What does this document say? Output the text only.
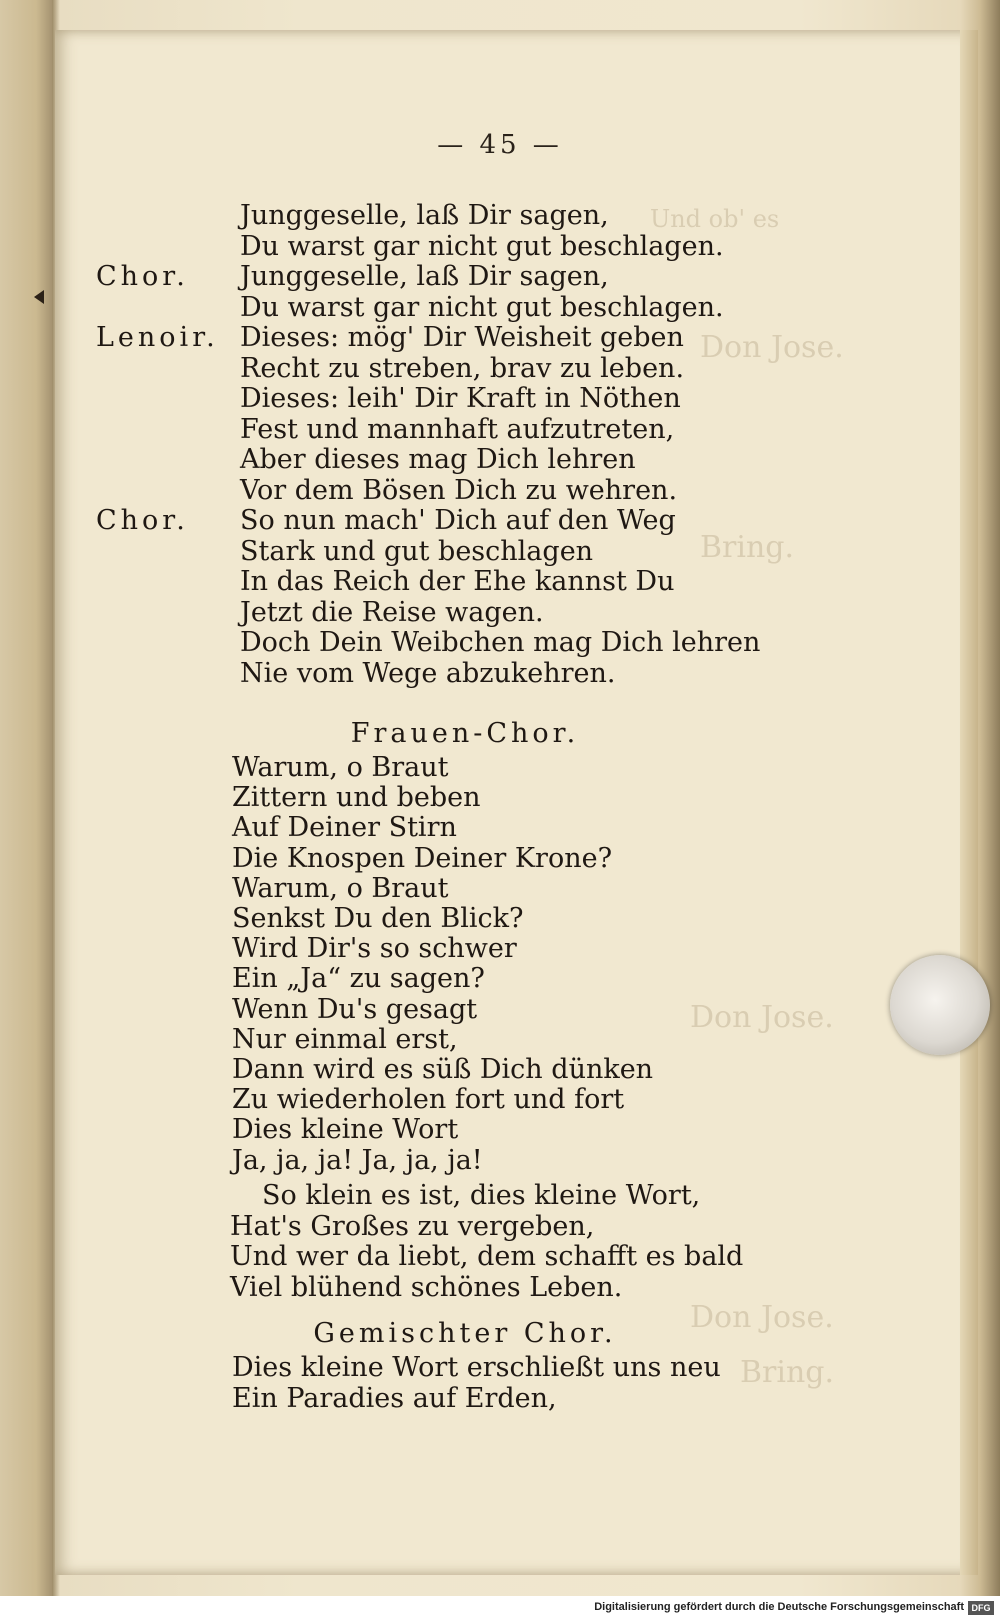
Und ob' es
Don Jose.
Bring.
Don Jose.
Don Jose.
Bring.
— 45 —
Junggeselle, laß Dir sagen,
Du warst gar nicht gut beschlagen.
Junggeselle, laß Dir sagen,
Chor.
Du warst gar nicht gut beschlagen.
Dieses: mög' Dir Weisheit geben
Lenoir.
Recht zu streben, brav zu leben.
Dieses: leih' Dir Kraft in Nöthen
Fest und mannhaft aufzutreten,
Aber dieses mag Dich lehren
Vor dem Bösen Dich zu wehren.
So nun mach' Dich auf den Weg
Chor.
Stark und gut beschlagen
In das Reich der Ehe kannst Du
Jetzt die Reise wagen.
Doch Dein Weibchen mag Dich lehren
Nie vom Wege abzukehren.
Frauen-Chor.
Warum, o Braut
Zittern und beben
Auf Deiner Stirn
Die Knospen Deiner Krone?
Warum, o Braut
Senkst Du den Blick?
Wird Dir's so schwer
Ein „Ja“ zu sagen?
Wenn Du's gesagt
Nur einmal erst,
Dann wird es süß Dich dünken
Zu wiederholen fort und fort
Dies kleine Wort
Ja, ja, ja! Ja, ja, ja!
So klein es ist, dies kleine Wort,
Hat's Großes zu vergeben,
Und wer da liebt, dem schafft es bald
Viel blühend schönes Leben.
Gemischter Chor.
Dies kleine Wort erschließt uns neu
Ein Paradies auf Erden,
Digitalisierung gefördert durch die Deutsche Forschungsgemeinschaft DFG
